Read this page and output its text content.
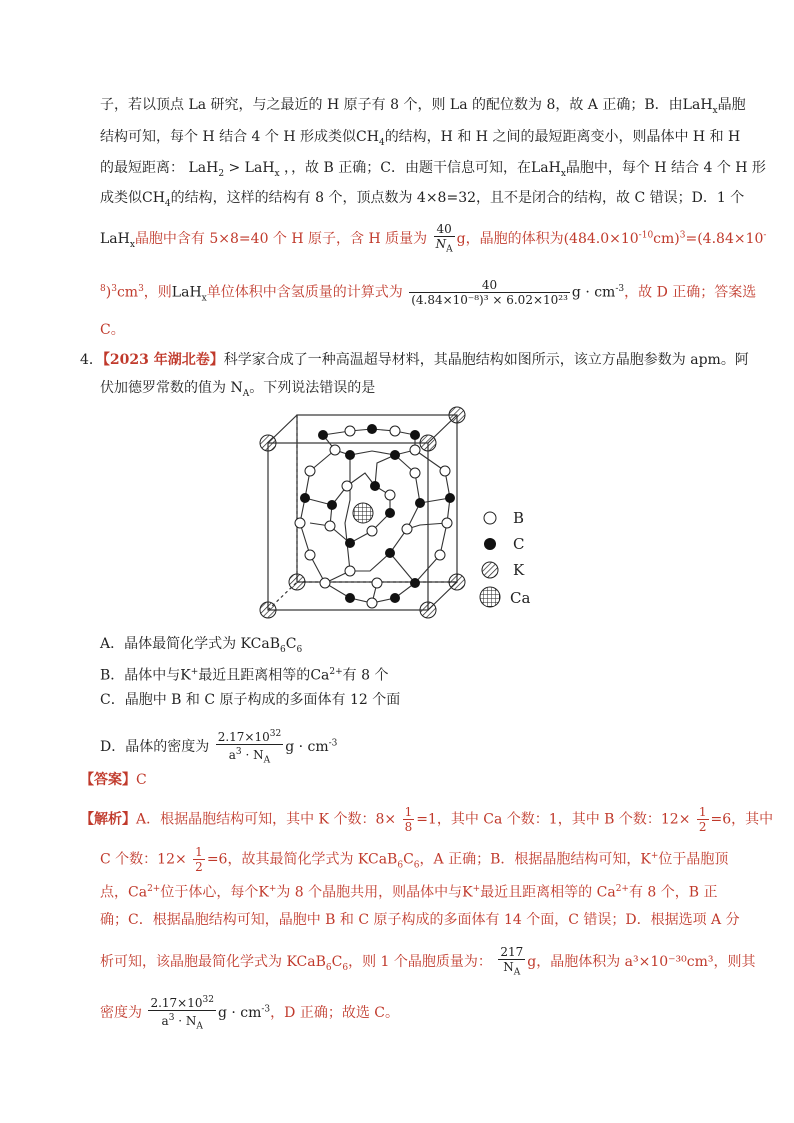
子，若以顶点 La 研究，与之最近的 H 原子有 8 个，则 La 的配位数为 8，故 A 正确；B．由LaH$_x$晶胞
结构可知，每个 H 结合 4 个 H 形成类似$CH_4$的结构，H 和 H 之间的最短距离变小，则晶体中 H 和 H
的最短距离： LaH$_2$ > LaH$_x$ ，，故 B 正确；C．由题干信息可知，在LaH$_x$晶胞中，每个 H 结合 4 个 H 形
成类似$CH_4$的结构，这样的结构有 8 个，顶点数为 4×8=32，且不是闭合的结构，故 C 错误；D．1 个
LaH$_x$晶胞中含有 5×8=40 个 H 原子，含 H 质量为 $\frac{40}{N_A}$ g，晶胞的体积为$(484.0\times 10^{-10}cm)^3=(4.84\times 10^-$
$^8)^3cm^3$，则LaH$_x$单位体积中含氢质量的计算式为 $\frac{40}{\text{(4.84×10⁻⁸)³ × 6.02×10²³}}$ $g \cdot cm^{-3}$，故 D 正确；答案选
C。
4．【2023 年湖北卷】科学家合成了一种高温超导材料，其晶胞结构如图所示，该立方晶胞参数为 apm。阿
伏加德罗常数的值为 $N_A$。下列说法错误的是
B
C
K
Ca
A．晶体最简化学式为 $KCaB_6C_6$
B．晶体中与K+最近且距离相等的$Ca^{2+}$有 8 个
C．晶胞中 B 和 C 原子构成的多面体有 12 个面
D．晶体的密度为 $\frac{2.17\times 10^{32}}{a^3 \cdot N_A}$ $g \cdot cm^{-3}$
【答案】C
【解析】A．根据晶胞结构可知，其中 K 个数：$8\times \frac{1}{8} =1$，其中 Ca 个数：1，其中 B 个数：$12\times \frac{1}{2} =6$，其中
C 个数：$12\times \frac{1}{2} =6$，故其最简化学式为 $KCaB_6C_6$，A 正确；B．根据晶胞结构可知，K+位于晶胞顶
点，$Ca^{2+}$位于体心，每个K+为 8 个晶胞共用，则晶体中与K+最近且距离相等的 $Ca^{2+}$有 8 个，B 正
确；C．根据晶胞结构可知，晶胞中 B 和 C 原子构成的多面体有 14 个面，C 错误；D．根据选项 A 分
析可知，该晶胞最简化学式为 $KCaB_6C_6$，则 1 个晶胞质量为： $\frac{217}{N_A}$ g，晶胞体积为 a³×10⁻³⁰cm³，则其
密度为 $\frac{2.17\times 10^{32}}{a^3 \cdot N_A}$ $g \cdot cm^{-3}$，D 正确；故选 C。
